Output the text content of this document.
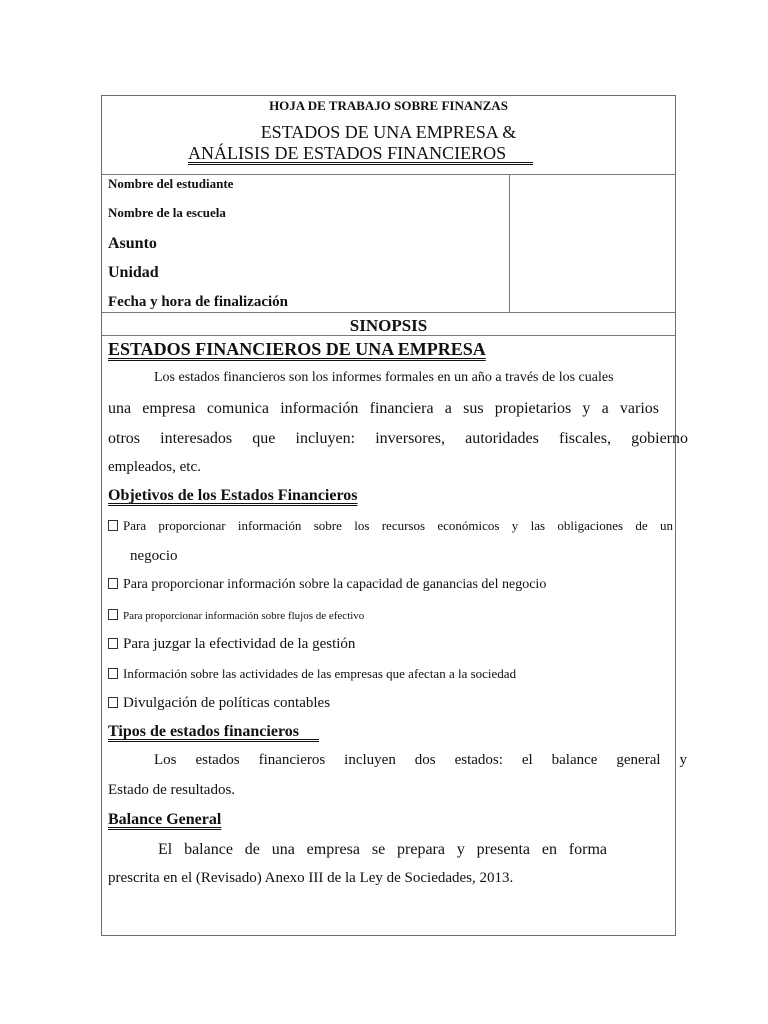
HOJA DE TRABAJO SOBRE FINANZAS
ESTADOS DE UNA EMPRESA &
ANÁLISIS DE ESTADOS FINANCIEROS
Nombre del estudiante
Nombre de la escuela
Asunto
Unidad
Fecha y hora de finalización
SINOPSIS
ESTADOS FINANCIEROS DE UNA EMPRESA
Los estados financieros son los informes formales en un año a través de los cuales
una empresa comunica información financiera a sus propietarios y a varios
otros interesados que incluyen: inversores, autoridades fiscales, gobierno
empleados, etc.
Objetivos de los Estados Financieros
Para proporcionar información sobre los recursos económicos y las obligaciones de un
negocio
Para proporcionar información sobre la capacidad de ganancias del negocio
Para proporcionar información sobre flujos de efectivo
Para juzgar la efectividad de la gestión
Información sobre las actividades de las empresas que afectan a la sociedad
Divulgación de políticas contables
Tipos de estados financieros
Los estados financieros incluyen dos estados: el balance general y
Estado de resultados.
Balance General
El balance de una empresa se prepara y presenta en forma
prescrita en el (Revisado) Anexo III de la Ley de Sociedades, 2013.
